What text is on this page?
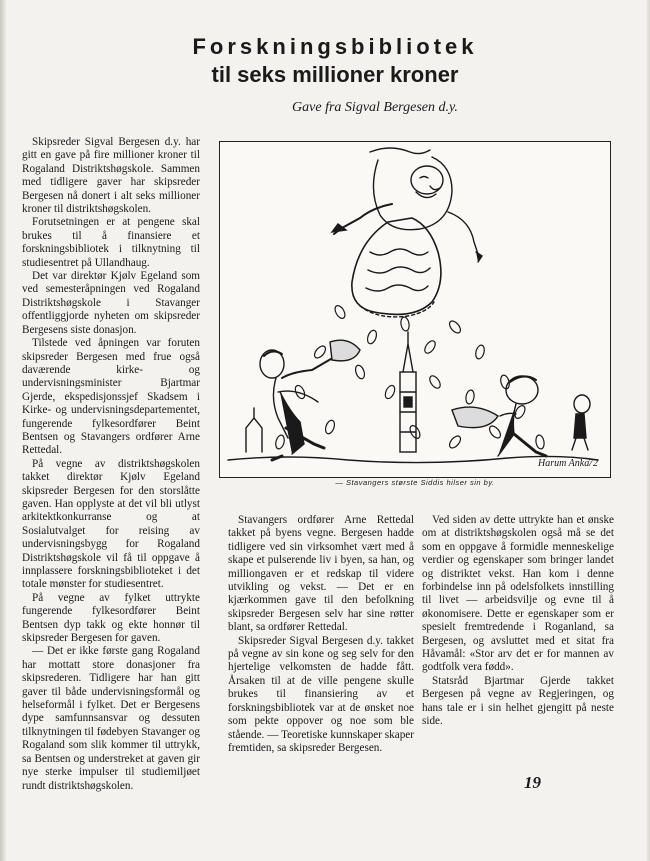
Forskningsbibliotek
til seks millioner kroner
Gave fra Sigval Bergesen d.y.

Skipsreder Sigval Bergesen d.y. har gitt en gave på fire millioner kroner til Rogaland Distriktshøgskole. Sammen med tidligere gaver har skipsreder Bergesen nå donert i alt seks millioner kroner til distriktshøgskolen.

Forutsetningen er at pengene skal brukes til å finansiere et forskningsbibliotek i tilknytning til studiesentret på Ullandhaug.

Det var direktør Kjølv Egeland som ved semesteråpningen ved Rogaland Distriktshøgskole i Stavanger offentliggjorde nyheten om skipsreder Bergesens siste donasjon.

Tilstede ved åpningen var foruten skipsreder Bergesen med frue også daværende kirke- og undervisningsminister Bjartmar Gjerde, ekspedisjonssjef Skadsem i Kirke- og undervisningsdepartementet, fungerende fylkesordfører Beint Bentsen og Stavangers ordfører Arne Rettedal.

På vegne av distriktshøgskolen takket direktør Kjølv Egeland skipsreder Bergesen for den storslåtte gaven. Han opplyste at det vil bli utlyst arkitektkonkurranse og at Sosialutvalget for reising av undervisningsbygg for Rogaland Distriktshøgskole vil få til oppgave å innplassere forskningsbiblioteket i det totale mønster for studiesentret.

På vegne av fylket uttrykte fungerende fylkesordfører Beint Bentsen dyp takk og ekte honnør til skipsreder Bergesen for gaven.

— Det er ikke første gang Rogaland har mottatt store donasjoner fra skipsrederen. Tidligere har han gitt gaver til både undervisningsformål og helseformål i fylket. Det er Bergesens dype samfunnsansvar og dessuten tilknytningen til fødebyen Stavanger og Rogaland som slik kommer til uttrykk, sa Bentsen og understreket at gaven gir nye sterke impulser til studiemiljøet rundt distriktshøgskolen.

Harum Anka
72
— Stavangers største Siddis hilser sin by.

Stavangers ordfører Arne Rettedal takket på byens vegne. Bergesen hadde tidligere ved sin virksomhet vært med å skape et pulserende liv i byen, sa han, og milliongaven er et redskap til videre utvikling og vekst. — Det er en kjærkommen gave til den befolkning skipsreder Bergesen selv har sine røtter blant, sa ordfører Rettedal.

Skipsreder Sigval Bergesen d.y. takket på vegne av sin kone og seg selv for den hjertelige velkomsten de hadde fått. Årsaken til at de ville pengene skulle brukes til finansiering av et forskningsbibliotek var at de ønsket noe som pekte oppover og noe som ble stående. — Teoretiske kunnskaper skaper fremtiden, sa skipsreder Bergesen.

Ved siden av dette uttrykte han et ønske om at distriktshøgskolen også må se det som en oppgave å formidle menneskelige verdier og egenskaper som bringer landet og distriktet vekst. Han kom i denne forbindelse inn på odelsfolkets innstilling til livet — arbeidsvilje og evne til å økonomisere. Dette er egenskaper som er spesielt fremtredende i Roganland, sa Bergesen, og avsluttet med et sitat fra Håvamål: «Stor arv det er for mannen av godtfolk vera fødd».

Statsråd Bjartmar Gjerde takket Bergesen på vegne av Regjeringen, og hans tale er i sin helhet gjengitt på neste side.

19
